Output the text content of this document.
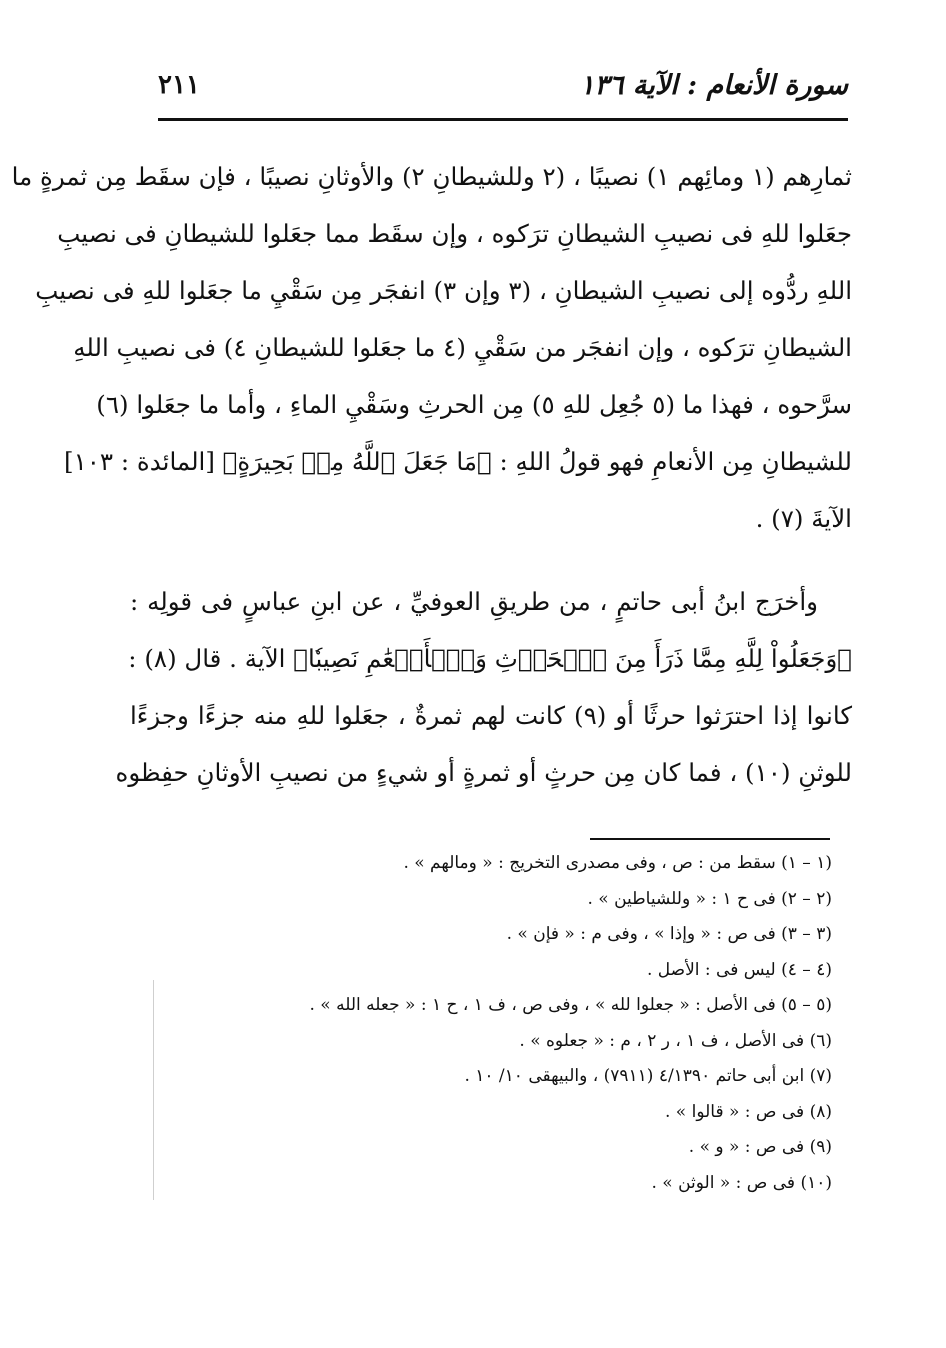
سورة الأنعام : الآية ١٣٦
٢١١
ثمارِهم (١ ومائِهم ١) نصيبًا ، (٢ وللشيطانِ ٢) والأوثانِ نصيبًا ، فإن سقَط مِن ثمرةٍ ما
جعَلوا للهِ فى نصيبِ الشيطانِ ترَكوه ، وإن سقَط مما جعَلوا للشيطانِ فى نصيبِ
اللهِ ردُّوه إلى نصيبِ الشيطانِ ، (٣ وإن ٣) انفجَر مِن سَقْيِ ما جعَلوا للهِ فى نصيبِ
الشيطانِ ترَكوه ، وإن انفجَر من سَقْيِ (٤ ما جعَلوا للشيطانِ ٤) فى نصيبِ اللهِ
سرَّحوه ، فهذا ما (٥ جُعِل للهِ ٥) مِن الحرثِ وسَقْيِ الماءِ ، وأما ما جعَلوا (٦)
للشيطانِ مِن الأنعامِ فهو قولُ اللهِ : ﴿مَا جَعَلَ ٱللَّهُ مِنۢ بَحِيرَةٍ﴾ [المائدة : ١٠٣]
الآيةَ (٧) .
وأخرَج ابنُ أبى حاتمٍ ، من طريقِ العوفيِّ ، عن ابنِ عباسٍ فى قولِه :
﴿وَجَعَلُواْ لِلَّهِ مِمَّا ذَرَأَ مِنَ ٱلۡحَرۡثِ وَٱلۡأَنۡعَٰمِ نَصِيبٗا﴾ الآية . قال (٨) :
كانوا إذا احترَثوا حرثًا أو (٩) كانت لهم ثمرةٌ ، جعَلوا للهِ منه جزءًا وجزءًا
للوثنِ (١٠) ، فما كان مِن حرثٍ أو ثمرةٍ أو شيءٍ من نصيبِ الأوثانِ حفِظوه
(١ – ١) سقط من : ص ، وفى مصدرى التخريج : « ومالهم » .
(٢ – ٢) فى ح ١ : « وللشياطين » .
(٣ – ٣) فى ص : « وإذا » ، وفى م : « فإن » .
(٤ – ٤) ليس فى : الأصل .
(٥ – ٥) فى الأصل : « جعلوا لله » ، وفى ص ، ف ١ ، ح ١ : « جعله الله » .
(٦) فى الأصل ، ف ١ ، ر ٢ ، م : « جعلوه » .
(٧) ابن أبى حاتم ٤/١٣٩٠ (٧٩١١) ، والبيهقى ١٠/ ١٠ .
(٨) فى ص : « قالوا » .
(٩) فى ص : « و » .
(١٠) فى ص : « الوثن » .
